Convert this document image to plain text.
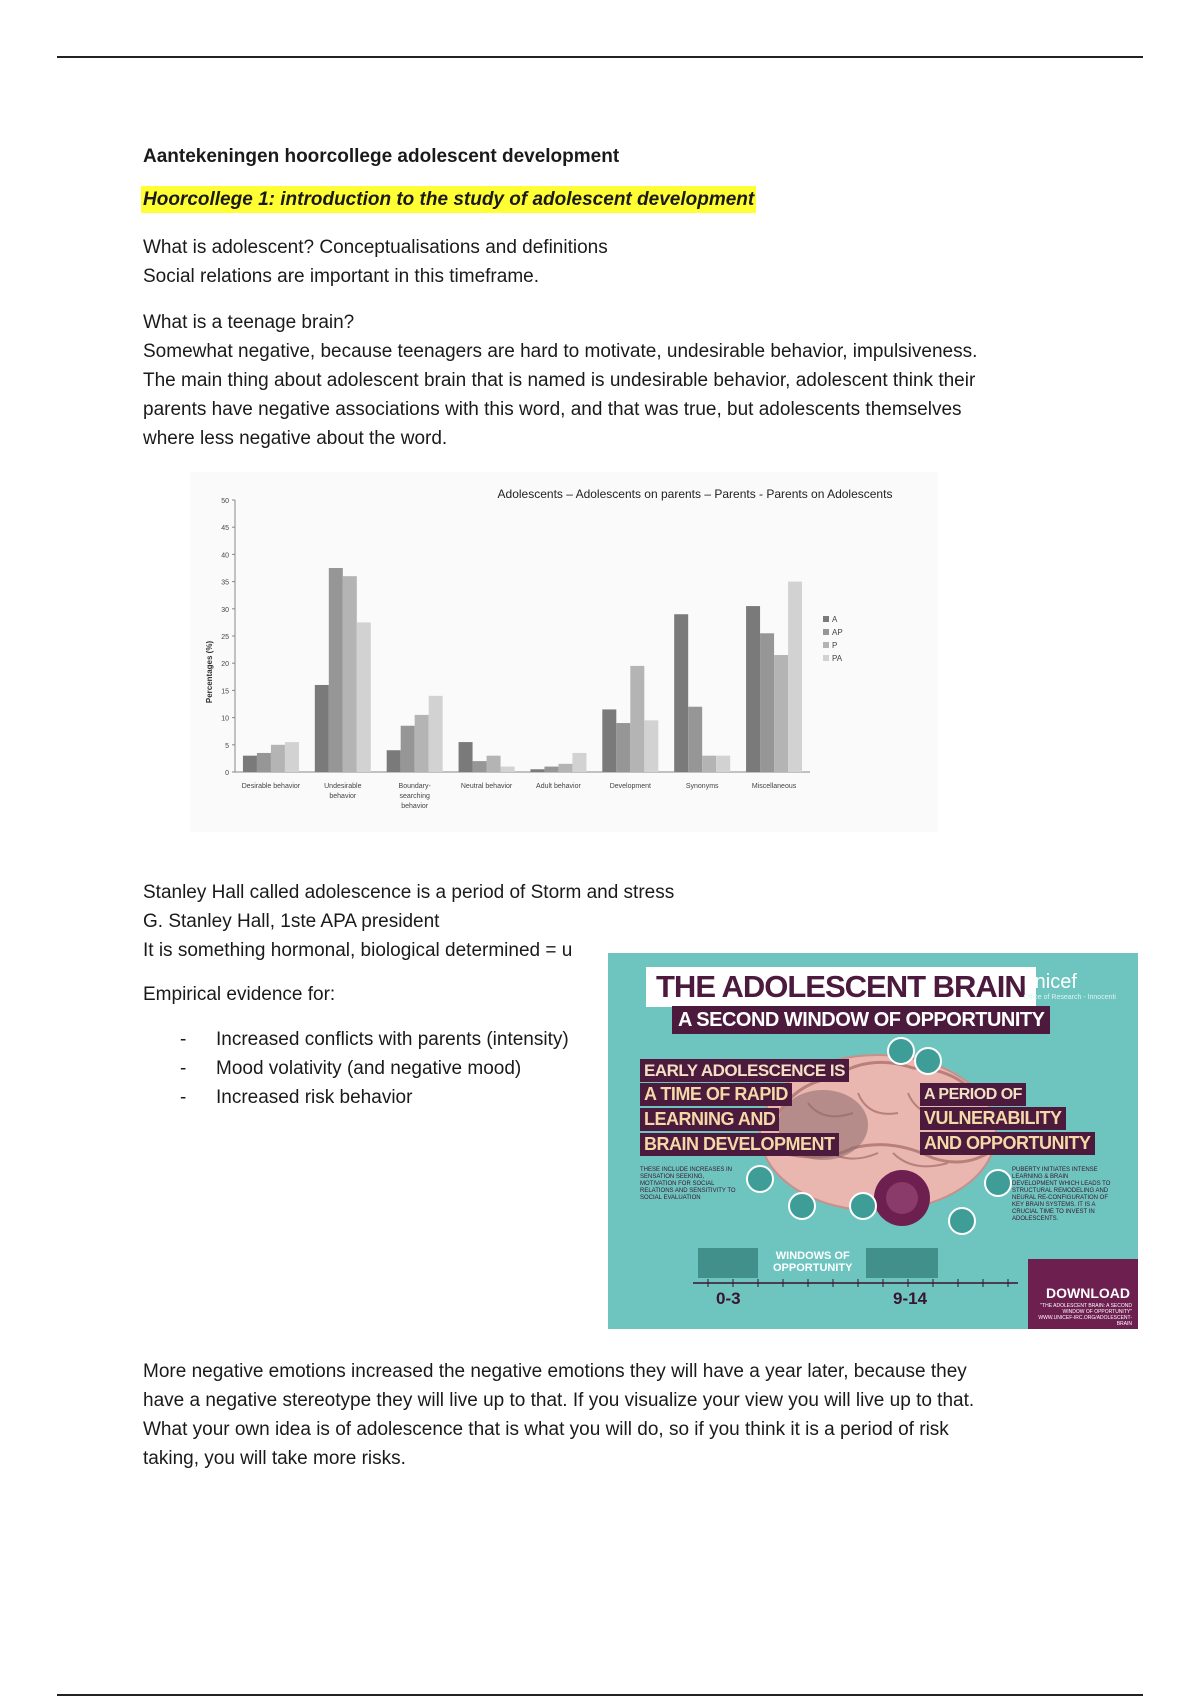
Aantekeningen hoorcollege adolescent development
Hoorcollege 1: introduction to the study of adolescent development
What is adolescent? Conceptualisations and definitions
Social relations are important in this timeframe.
What is a teenage brain?
Somewhat negative, because teenagers are hard to motivate, undesirable behavior, impulsiveness.
The main thing about adolescent brain that is named is undesirable behavior, adolescent think their
parents have negative associations with this word, and that was true, but adolescents themselves
where less negative about the word.
Adolescents – Adolescents on parents – Parents - Parents on Adolescents
Percentages (%)
0
5
10
15
20
25
30
35
40
45
50
Desirable behavior	Undesirable behavior
Boundary-searching behavior
Neutral behavior	Adult behavior	Development	Synonyms	Miscellaneous
A
AP
P
PA
Stanley Hall called adolescence is a period of Storm and stress
G. Stanley Hall, 1ste APA president
It is something hormonal, biological determined = u
Empirical evidence for:
- Increased conflicts with parents (intensity)
- Mood volativity (and negative mood)
- Increased risk behavior
THE ADOLESCENT BRAIN
A SECOND WINDOW OF OPPORTUNITY
unicef
Office of Research - Innocenti
EARLY ADOLESCENCE IS
A TIME OF RAPID
LEARNING AND
BRAIN DEVELOPMENT
A PERIOD OF
VULNERABILITY
AND OPPORTUNITY
THESE INCLUDE INCREASES IN SENSATION SEEKING, MOTIVATION FOR SOCIAL RELATIONS AND SENSITIVITY TO SOCIAL EVALUATION
PUBERTY INITIATES INTENSE LEARNING & BRAIN DEVELOPMENT WHICH LEADS TO STRUCTURAL REMODELING AND NEURAL RE-CONFIGURATION OF KEY BRAIN SYSTEMS. IT IS A CRUCIAL TIME TO INVEST IN ADOLESCENTS.
WINDOWS OF
OPPORTUNITY
0-3	9-14	DOWNLOAD
"THE ADOLESCENT BRAIN: A SECOND WINDOW OF OPPORTUNITY" WWW.UNICEF-IRC.ORG/ADOLESCENT-BRAIN
More negative emotions increased the negative emotions they will have a year later, because they
have a negative stereotype they will live up to that. If you visualize your view you will live up to that.
What your own idea is of adolescence that is what you will do, so if you think it is a period of risk
taking, you will take more risks.
